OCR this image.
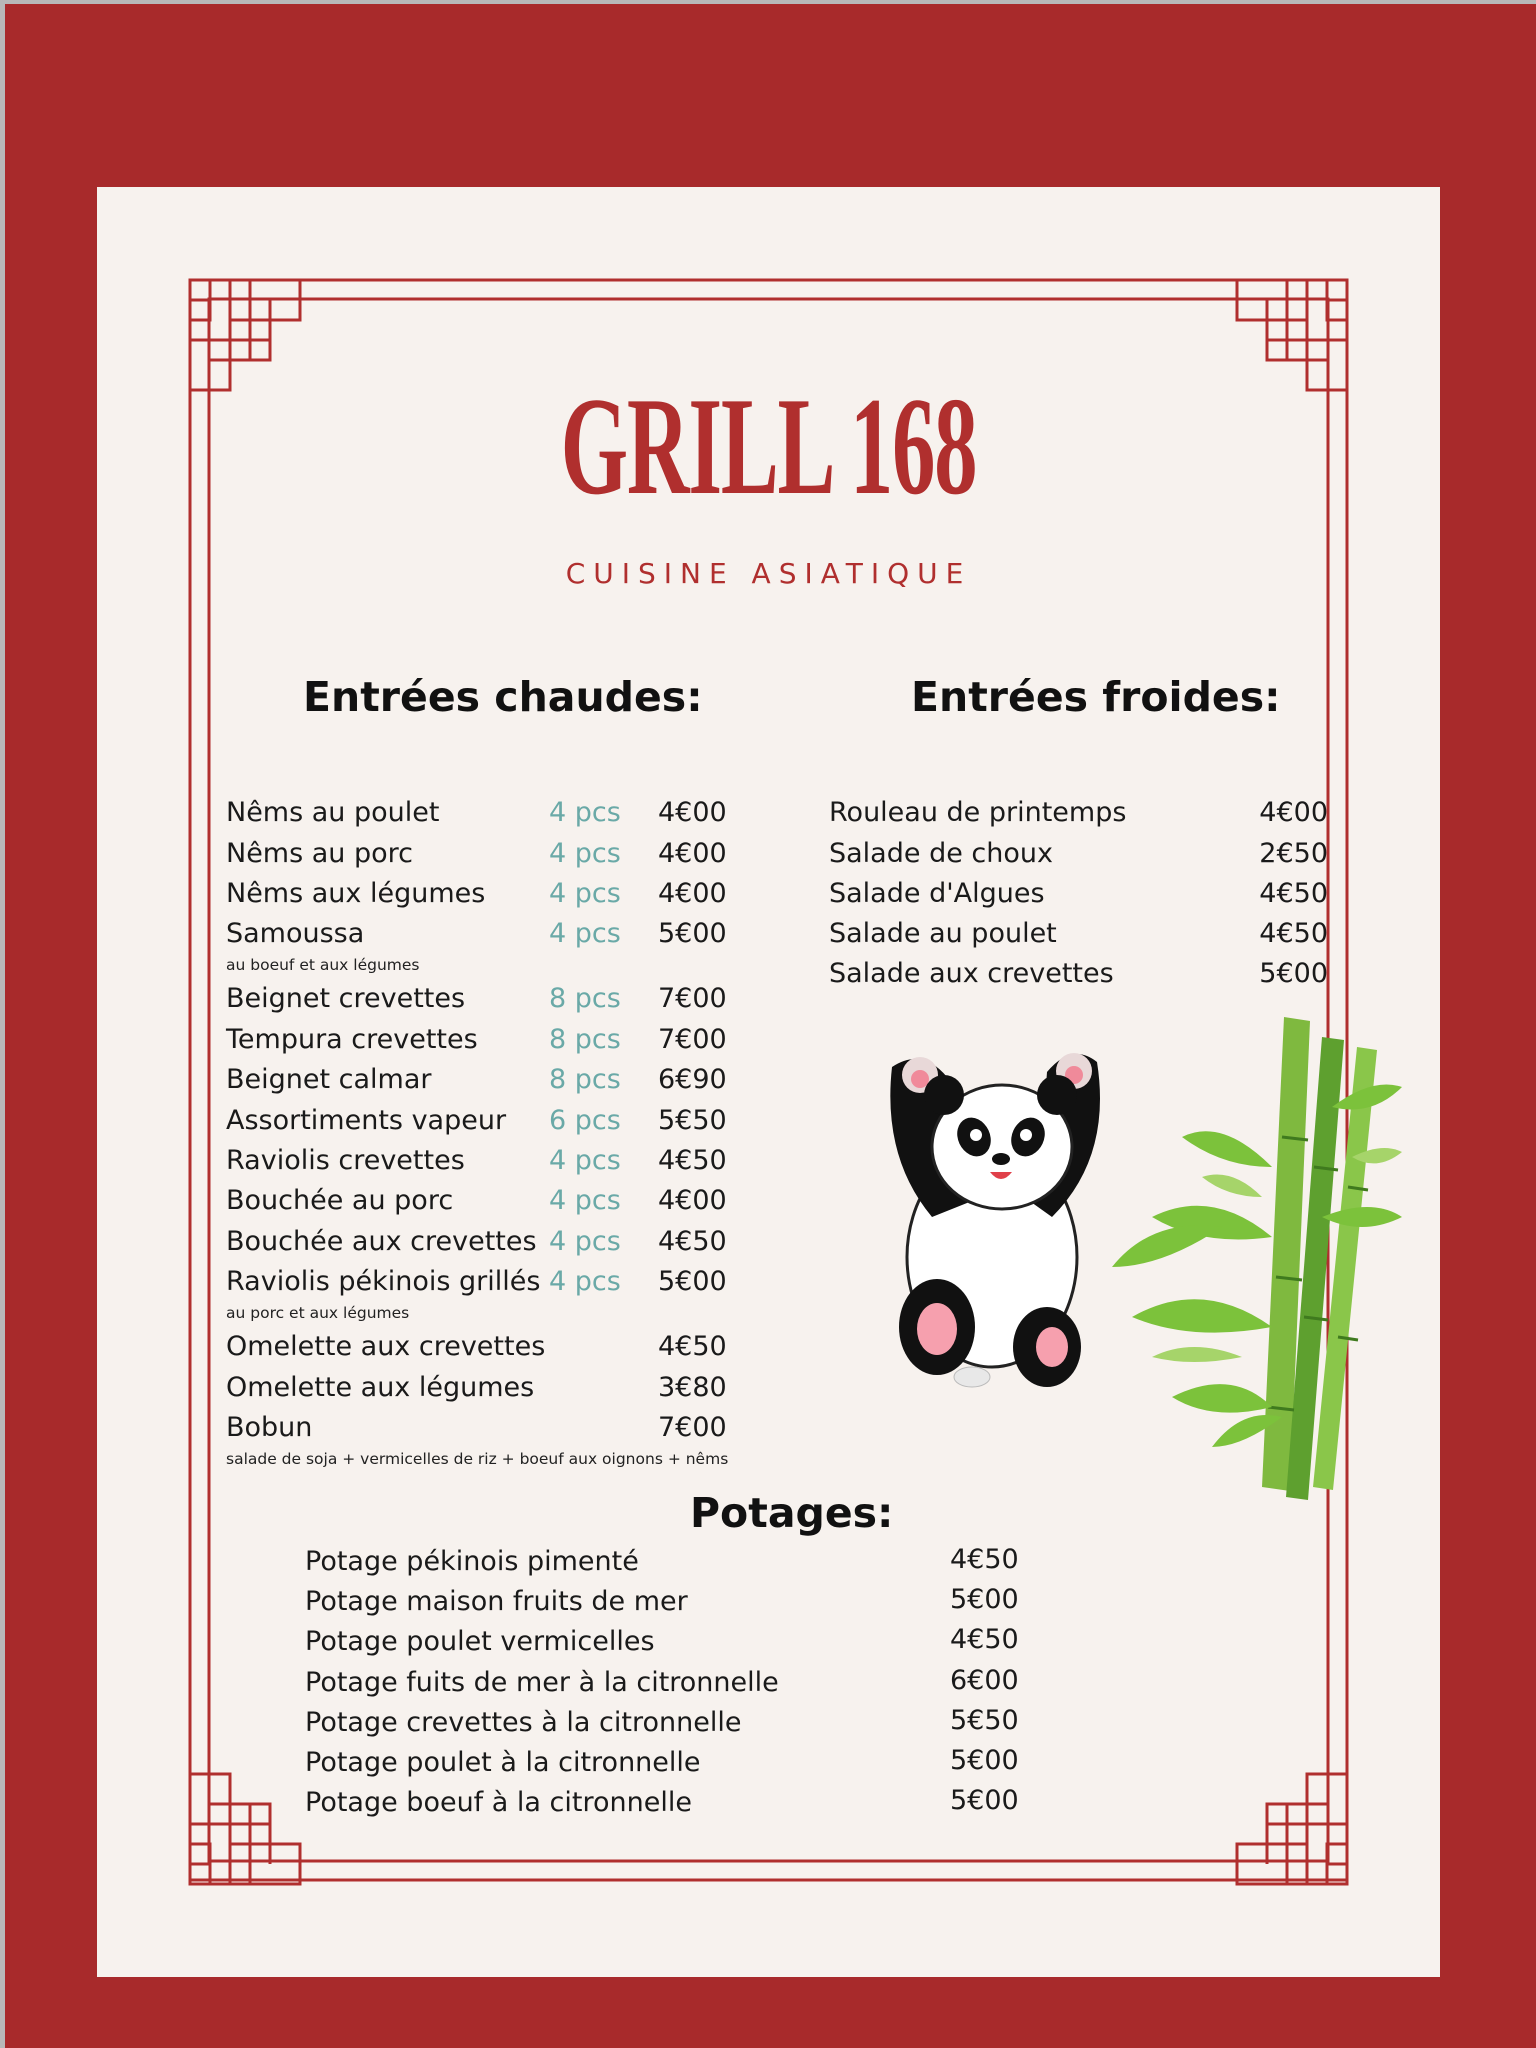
GRILL 168
CUISINE ASIATIQUE
Entrées chaudes:
Nêms au poulet	4 pcs 4€00
Nêms au porc	4 pcs 4€00
Nêms aux légumes 4 pcs 4€00
Samoussa	4 pcs 5€00
au boeuf et aux légumes
Beignet crevettes	8 pcs 7€00
Tempura crevettes	8 pcs 7€00
Beignet calmar	8 pcs 6€90
Assortiments vapeur 6 pcs 5€50
Raviolis crevettes	4 pcs 4€50
Bouchée au porc	4 pcs 4€00
Bouchée aux crevettes 4 pcs 4€50
Raviolis pékinois grillés 4 pcs 5€00
au porc et aux légumes
Omelette aux crevettes	4€50
Omelette aux légumes	3€80
Bobun	7€00
salade de soja + vermicelles de riz + boeuf aux oignons + nêms
Entrées froides:
Rouleau de printemps	4€00
Salade de choux	2€50
Salade d'Algues	4€50
Salade au poulet	4€50
Salade aux crevettes	5€00
Potages:
Potage pékinois pimenté	4€50
Potage maison fruits de mer	5€00
Potage poulet vermicelles	4€50
Potage fuits de mer à la citronnelle	6€00
Potage crevettes à la citronnelle	5€50
Potage poulet à la citronnelle	5€00
Potage boeuf à la citronnelle	5€00
